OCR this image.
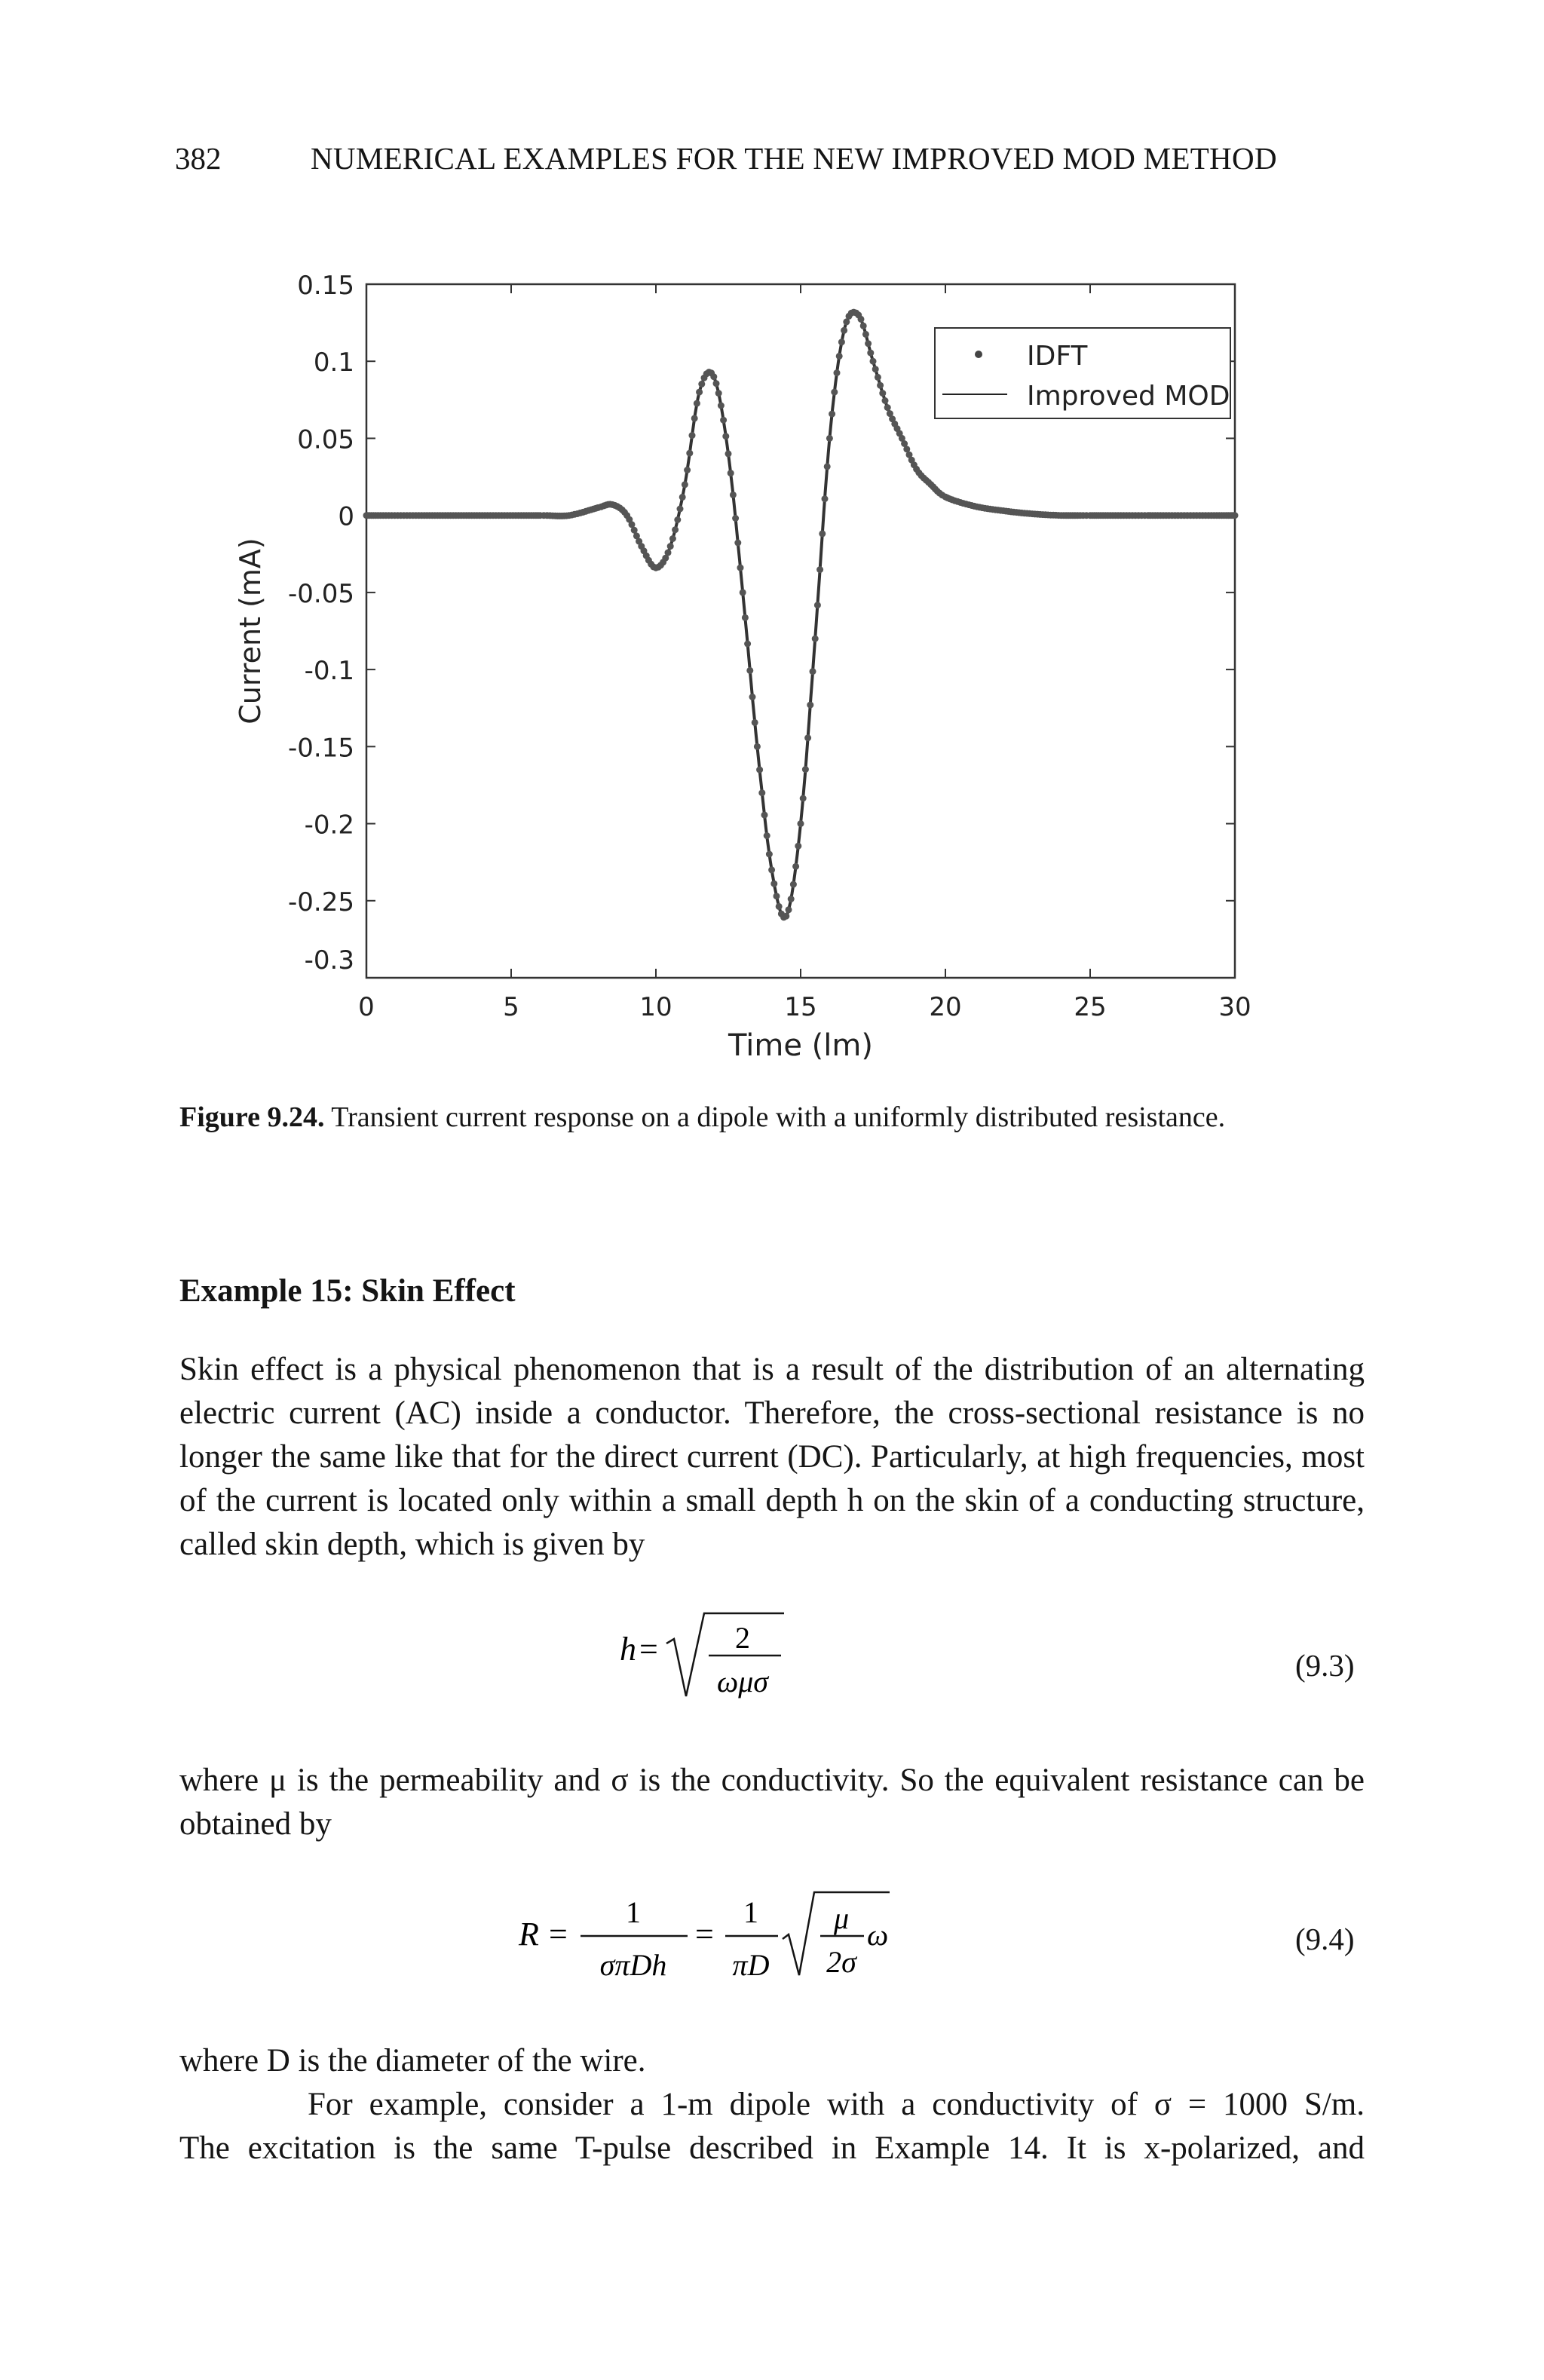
382	NUMERICAL EXAMPLES FOR THE NEW IMPROVED MOD METHOD
0.15
0.1
0.05
0
-0.05
-0.1
-0.15
-0.2
-0.25
-0.3
0	5	10	15	20	25	30
Current (mA)
Time (lm)
IDFT
Improved MOD
Figure 9.24. Transient current response on a dipole with a uniformly distributed resistance.
Example 15: Skin Effect
Skin effect is a physical phenomenon that is a result of the distribution of an alternating electric current (AC) inside a conductor. Therefore, the cross-sectional resistance is no longer the same like that for the direct current (DC). Particularly, at high frequencies, most of the current is located only within a small depth h on the skin of a conducting structure, called skin depth, which is given by
h =	2
ωμσ	(9.3)
where μ is the permeability and σ is the conductivity. So the equivalent resistance can be obtained by
R =
1
σπDh
=
1
πD
μ
2σ
ω	(9.4)
where D is the diameter of the wire.
For example, consider a 1-m dipole with a conductivity of σ = 1000 S/m.
The excitation is the same T-pulse described in Example 14. It is x-polarized, and
